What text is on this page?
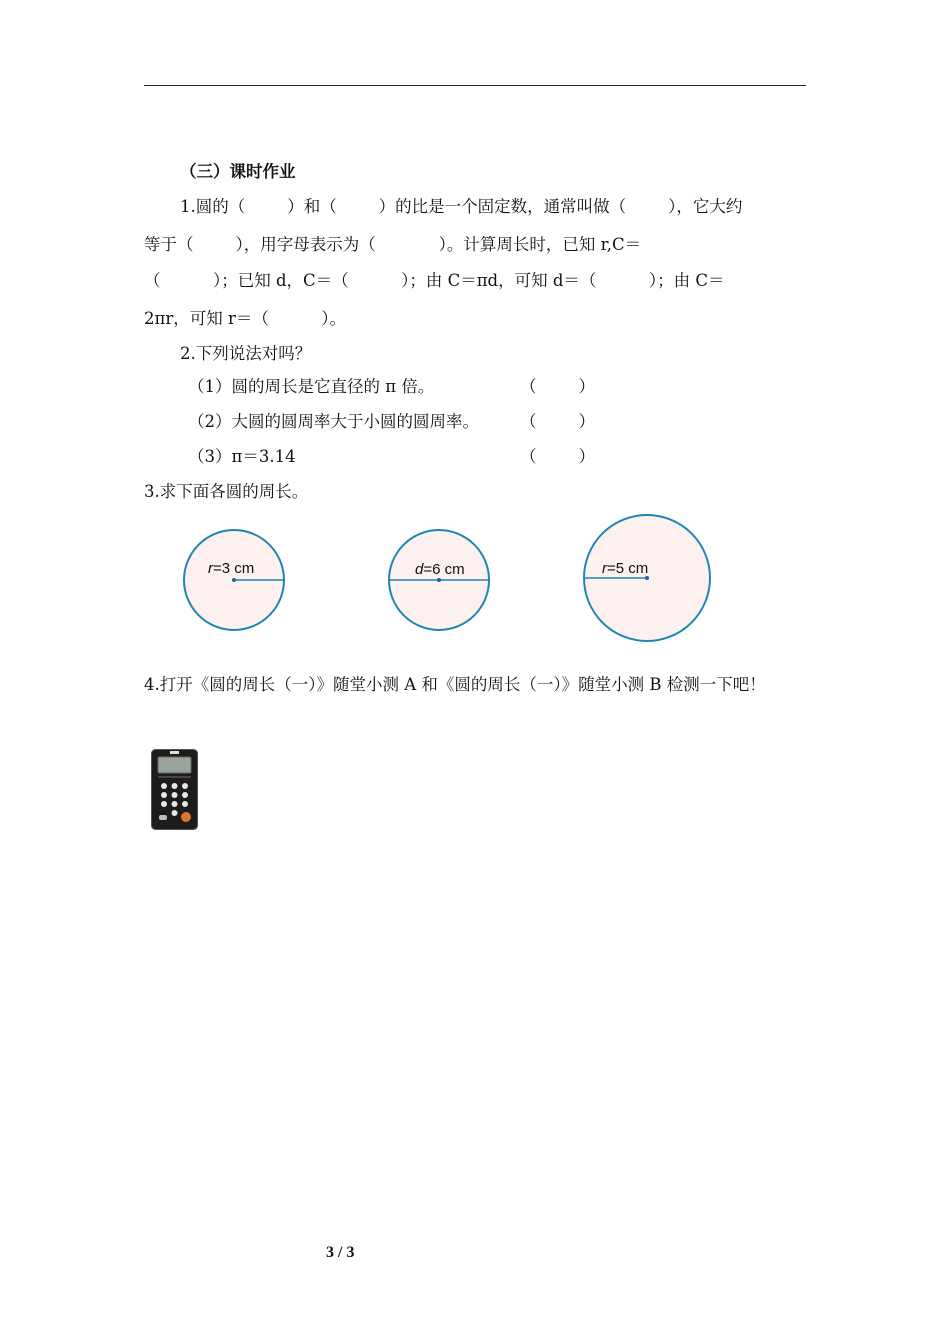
（三）课时作业
1.圆的（        ）和（        ）的比是一个固定数，通常叫做（        ），它大约
等于（        ），用字母表示为（            ）。计算周长时，已知 r,C＝
（          ）；已知 d，C＝（          ）；由 C＝πd，可知 d＝（          ）；由 C＝
2πr，可知 r＝（          ）。
2.下列说法对吗？
（1）圆的周长是它直径的 π 倍。	（        ）
（2）大圆的圆周率大于小圆的圆周率。 （        ）
（3）π＝3.14	（        ）
3.求下面各圆的周长。
r=3 cm	d=6 cm	r=5 cm
4.打开《圆的周长（一）》随堂小测 A 和《圆的周长（一）》随堂小测 B 检测一下吧！
3 / 3
